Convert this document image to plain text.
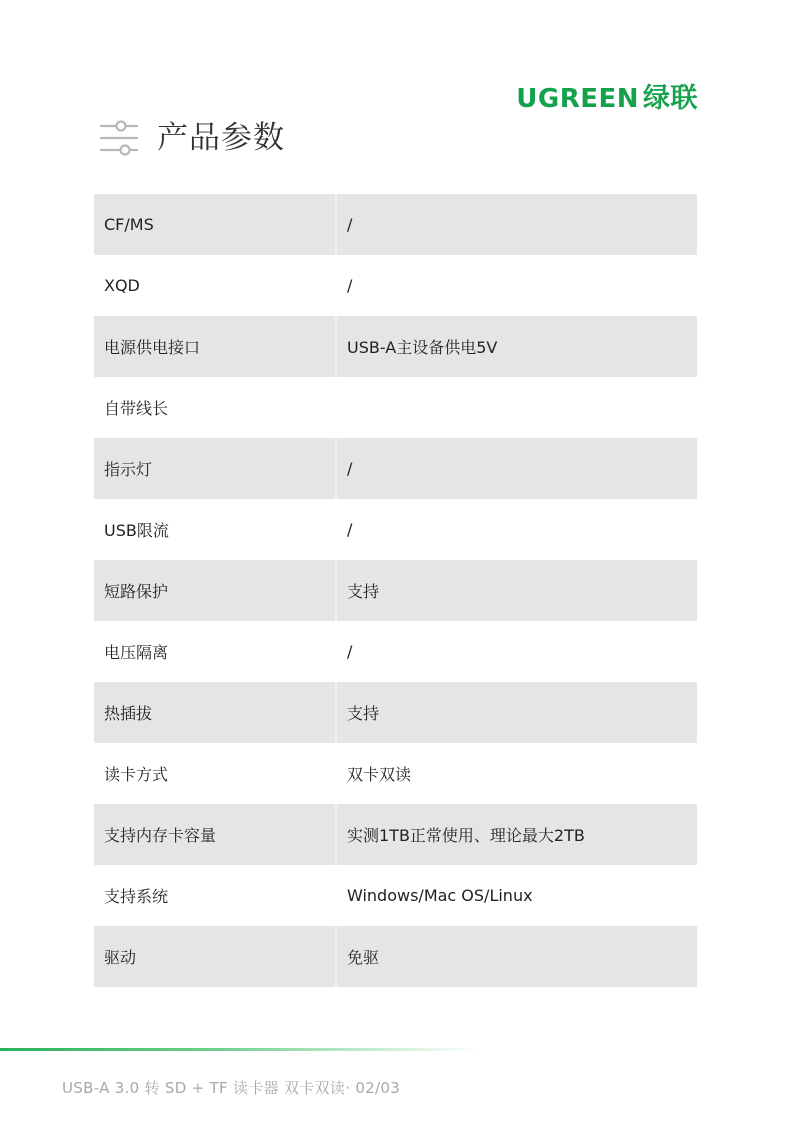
UGREEN 绿联
产品参数
CF/MS	/
XQD	/
电源供电接口	USB-A主设备供电5V
自带线长
指示灯	/
USB限流	/
短路保护	支持
电压隔离	/
热插拔	支持
读卡方式	双卡双读
支持内存卡容量	实测1TB正常使用、理论最大2TB
支持系统	Windows/Mac OS/Linux
驱动	免驱
USB-A 3.0 转 SD + TF 读卡器 双卡双读· 02/03
